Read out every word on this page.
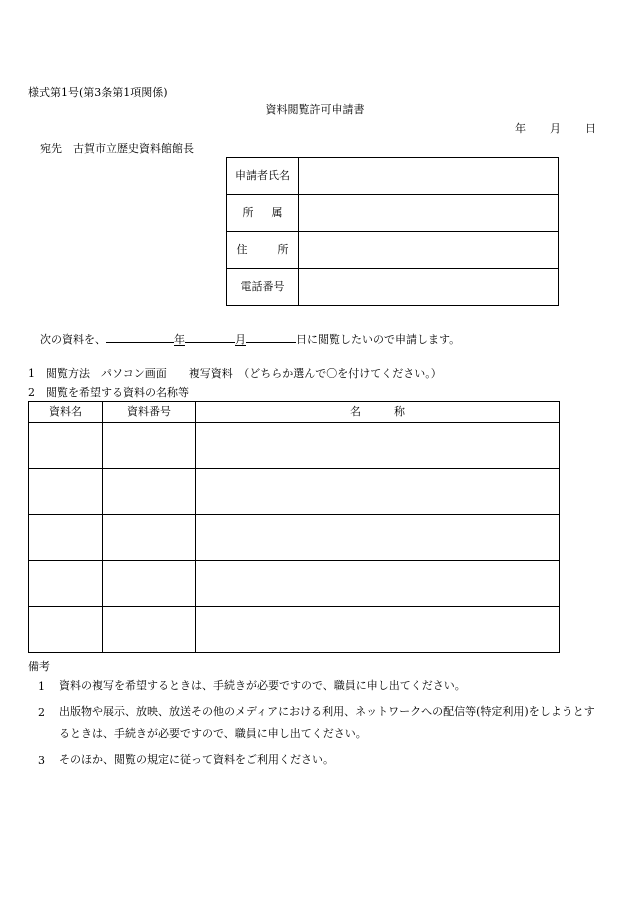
様式第1号(第3条第1項関係)
資料閲覧許可申請書
年 月 日
宛先　古賀市立歴史資料館館長
申請者氏名	

所 属	

住 所	

電話番号	
次の資料を、	年	月	日に閲覧したいので申請します。
1　閲覧方法　パソコン画面　　複写資料　（どちらか選んで〇を付けてください。）
2　閲覧を希望する資料の名称等
資料名	資料番号	名　　　称

備考
1	資料の複写を希望するときは、手続きが必要ですので、職員に申し出てください。
2	出版物や展示、放映、放送その他のメディアにおける利用、ネットワークへの配信等(特定利用)をしようとするときは、手続きが必要ですので、職員に申し出てください。
3	そのほか、閲覧の規定に従って資料をご利用ください。
